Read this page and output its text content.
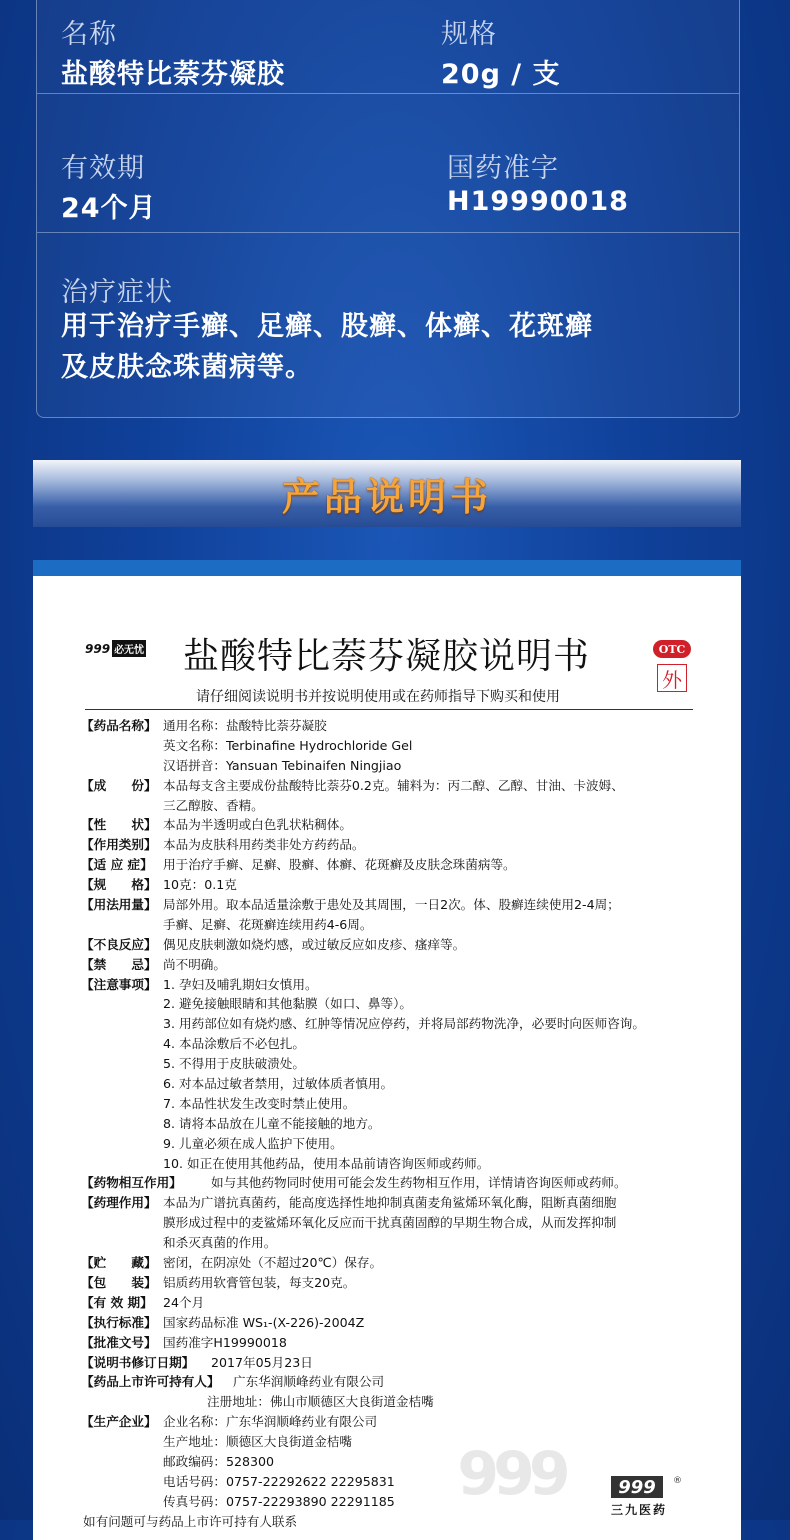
名称
盐酸特比萘芬凝胶
规格
20g / 支
有效期
24个月
国药准字
H19990018
治疗症状
用于治疗手癣、足癣、股癣、体癣、花斑癣
及皮肤念珠菌病等。
产品说明书
999 必无忧 盐酸特比萘芬凝胶说明书	OTC
外
请仔细阅读说明书并按说明使用或在药师指导下购买和使用
【药品名称】 通用名称：盐酸特比萘芬凝胶
英文名称：Terbinafine Hydrochloride Gel
汉语拼音：Yansuan Tebinaifen Ningjiao
【成　　份】 本品每支含主要成份盐酸特比萘芬0.2克。辅料为：丙二醇、乙醇、甘油、卡波姆、
三乙醇胺、香精。
【性　　状】 本品为半透明或白色乳状粘稠体。
【作用类别】 本品为皮肤科用药类非处方药药品。
【适 应 症】 用于治疗手癣、足癣、股癣、体癣、花斑癣及皮肤念珠菌病等。
【规　　格】 10克：0.1克
【用法用量】 局部外用。取本品适量涂敷于患处及其周围，一日2次。体、股癣连续使用2-4周；
手癣、足癣、花斑癣连续用药4-6周。
【不良反应】 偶见皮肤刺激如烧灼感，或过敏反应如皮疹、瘙痒等。
【禁　　忌】 尚不明确。
【注意事项】 1. 孕妇及哺乳期妇女慎用。
2. 避免接触眼睛和其他黏膜（如口、鼻等）。
3. 用药部位如有烧灼感、红肿等情况应停药，并将局部药物洗净，必要时向医师咨询。
4. 本品涂敷后不必包扎。
5. 不得用于皮肤破溃处。
6. 对本品过敏者禁用，过敏体质者慎用。
7. 本品性状发生改变时禁止使用。
8. 请将本品放在儿童不能接触的地方。
9. 儿童必须在成人监护下使用。
10. 如正在使用其他药品，使用本品前请咨询医师或药师。
【药物相互作用】 如与其他药物同时使用可能会发生药物相互作用，详情请咨询医师或药师。
【药理作用】 本品为广谱抗真菌药，能高度选择性地抑制真菌麦角鲨烯环氧化酶，阻断真菌细胞
膜形成过程中的麦鲨烯环氧化反应而干扰真菌固醇的早期生物合成，从而发挥抑制
和杀灭真菌的作用。
【贮　　藏】 密闭，在阴凉处（不超过20℃）保存。
【包　　装】 铝质药用软膏管包装，每支20克。
【有 效 期】 24个月
【执行标准】 国家药品标准 WS₁-(X-226)-2004Z
【批准文号】 国药准字H19990018
【说明书修订日期】 2017年05月23日
【药品上市许可持有人】 广东华润顺峰药业有限公司
注册地址：佛山市顺德区大良街道金桔嘴
【生产企业】 企业名称：广东华润顺峰药业有限公司
生产地址：顺德区大良街道金桔嘴
邮政编码：528300
电话号码：0757-22292622 22295831
传真号码：0757-22293890 22291185
如有问题可与药品上市许可持有人联系
999	999	®
三九医药
